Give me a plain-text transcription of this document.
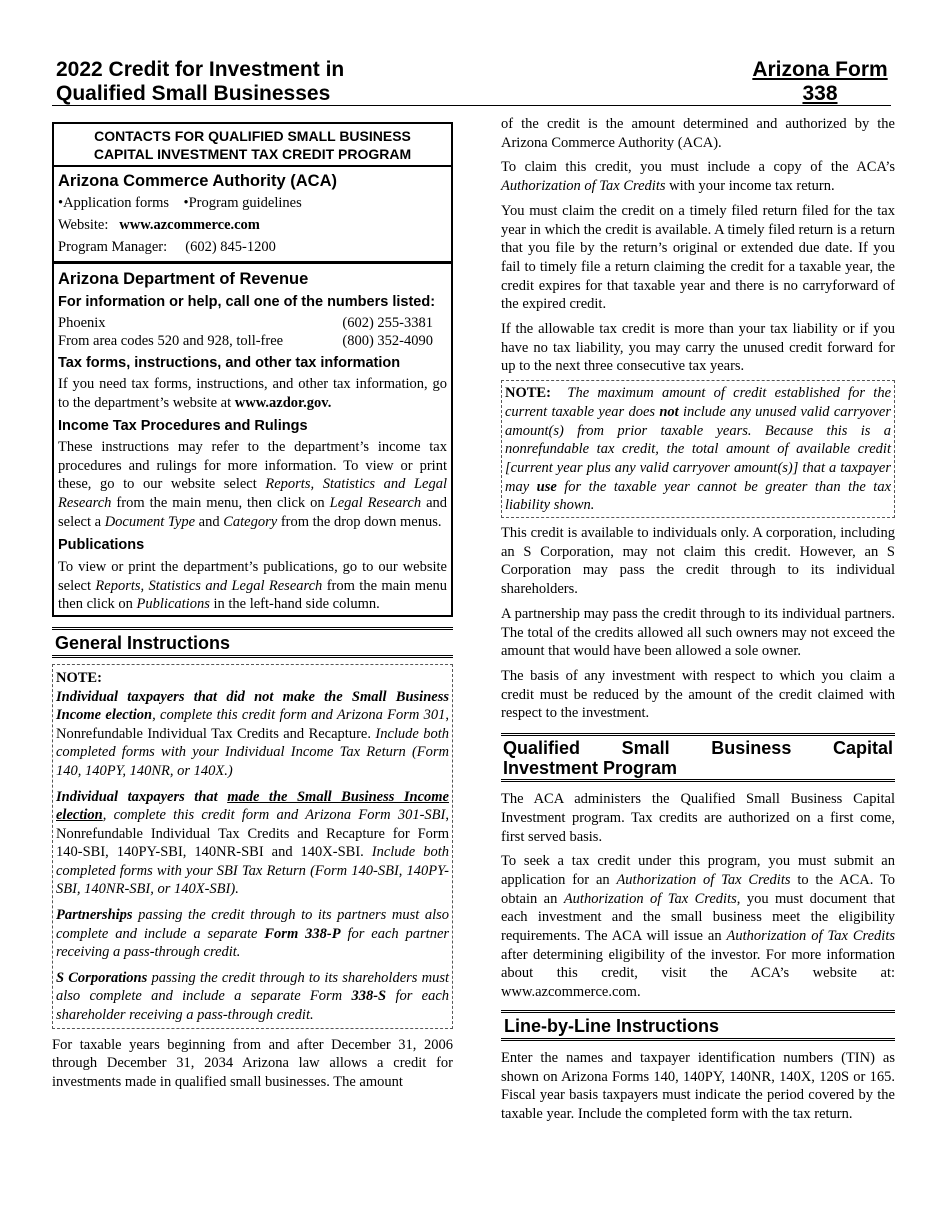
2022 Credit for Investment in
Qualified Small Businesses
Arizona Form
338
CONTACTS FOR QUALIFIED SMALL BUSINESS
CAPITAL INVESTMENT TAX CREDIT PROGRAM
Arizona Commerce Authority (ACA)
•Application forms •Program guidelines
Website: www.azcommerce.com
Program Manager: (602) 845-1200
Arizona Department of Revenue
For information or help, call one of the numbers listed:
Phoenix	(602) 255-3381
From area codes 520 and 928, toll-free	(800) 352-4090
Tax forms, instructions, and other tax information

If you need tax forms, instructions, and other tax information, go to the department’s website at www.azdor.gov.

Income Tax Procedures and Rulings

These instructions may refer to the department’s income tax procedures and rulings for more information. To view or print these, go to our website select Reports, Statistics and Legal Research from the main menu, then click on Legal Research and select a Document Type and Category from the drop down menus.

Publications

To view or print the department’s publications, go to our website select Reports, Statistics and Legal Research from the main menu then click on Publications in the left-hand side column.

General Instructions

NOTE:

Individual taxpayers that did not make the Small Business Income election, complete this credit form and Arizona Form 301, Nonrefundable Individual Tax Credits and Recapture. Include both completed forms with your Individual Income Tax Return (Form 140, 140PY, 140NR, or 140X.)

Individual taxpayers that made the Small Business Income election, complete this credit form and Arizona Form 301-SBI, Nonrefundable Individual Tax Credits and Recapture for Form 140-SBI, 140PY-SBI, 140NR-SBI and 140X-SBI. Include both completed forms with your SBI Tax Return (Form 140-SBI, 140PY-SBI, 140NR-SBI, or 140X-SBI).

Partnerships passing the credit through to its partners must also complete and include a separate Form 338-P for each partner receiving a pass-through credit.

S Corporations passing the credit through to its shareholders must also complete and include a separate Form 338-S for each shareholder receiving a pass-through credit.

For taxable years beginning from and after December 31, 2006 through December 31, 2034 Arizona law allows a credit for investments made in qualified small businesses. The amount

of the credit is the amount determined and authorized by the Arizona Commerce Authority (ACA).

To claim this credit, you must include a copy of the ACA’s Authorization of Tax Credits with your income tax return.

You must claim the credit on a timely filed return filed for the tax year in which the credit is available. A timely filed return is a return that you file by the return’s original or extended due date. If you fail to timely file a return claiming the credit for a taxable year, the credit expires for that taxable year and there is no carryforward of the expired credit.

If the allowable tax credit is more than your tax liability or if you have no tax liability, you may carry the unused credit forward for up to the next three consecutive tax years.

NOTE: The maximum amount of credit established for the current taxable year does not include any unused valid carryover amount(s) from prior taxable years. Because this is a nonrefundable tax credit, the total amount of available credit [current year plus any valid carryover amount(s)] that a taxpayer may use for the taxable year cannot be greater than the tax liability shown.

This credit is available to individuals only. A corporation, including an S Corporation, may not claim this credit. However, an S Corporation may pass the credit through to its individual shareholders.

A partnership may pass the credit through to its individual partners. The total of the credits allowed all such owners may not exceed the amount that would have been allowed a sole owner.

The basis of any investment with respect to which you claim a credit must be reduced by the amount of the credit claimed with respect to the investment.

Qualified Small Business Capital
Investment Program

The ACA administers the Qualified Small Business Capital Investment program. Tax credits are authorized on a first come, first served basis.

To seek a tax credit under this program, you must submit an application for an Authorization of Tax Credits to the ACA. To obtain an Authorization of Tax Credits, you must document that each investment and the small business meet the eligibility requirements. The ACA will issue an Authorization of Tax Credits after determining eligibility of the investor. For more information about this credit, visit the ACA’s website at: www.azcommerce.com.

Line-by-Line Instructions

Enter the names and taxpayer identification numbers (TIN) as shown on Arizona Forms 140, 140PY, 140NR, 140X, 120S or 165. Fiscal year basis taxpayers must indicate the period covered by the taxable year. Include the completed form with the tax return.
